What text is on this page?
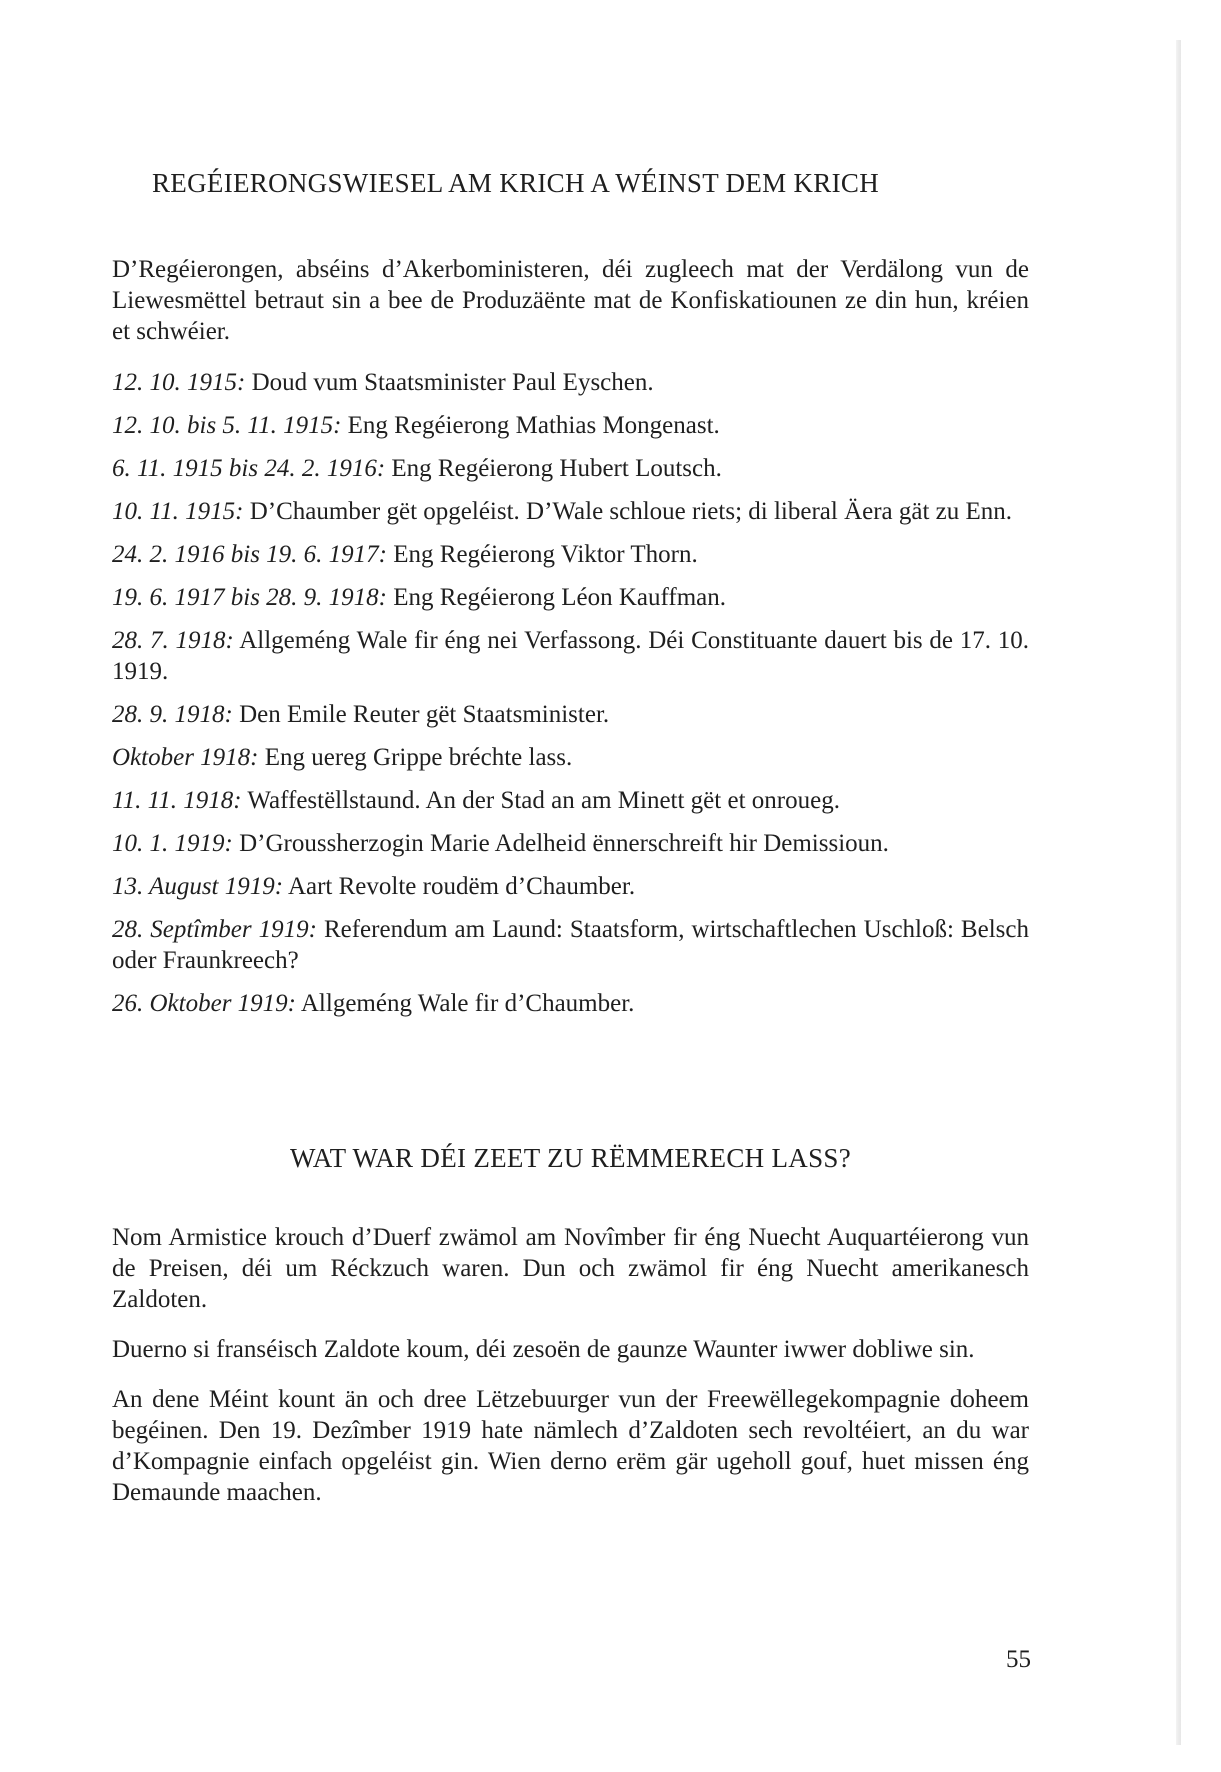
REGÉIERONGSWIESEL AM KRICH A WÉINST DEM KRICH

D’Regéierongen, abséins d’Akerboministeren, déi zugleech mat der Verdälong vun de Liewesmëttel betraut sin a bee de Produzäënte mat de Konfiskatiounen ze din hun, kréien et schwéier.

12. 10. 1915: Doud vum Staatsminister Paul Eyschen.

12. 10. bis 5. 11. 1915: Eng Regéierong Mathias Mongenast.

6. 11. 1915 bis 24. 2. 1916: Eng Regéierong Hubert Loutsch.

10. 11. 1915: D’Chaumber gët opgeléist. D’Wale schloue riets; di liberal Äera gät zu Enn.

24. 2. 1916 bis 19. 6. 1917: Eng Regéierong Viktor Thorn.

19. 6. 1917 bis 28. 9. 1918: Eng Regéierong Léon Kauffman.

28. 7. 1918: Allgeméng Wale fir éng nei Verfassong. Déi Constituante dauert bis de 17. 10. 1919.

28. 9. 1918: Den Emile Reuter gët Staatsminister.

Oktober 1918: Eng uereg Grippe bréchte lass.

11. 11. 1918: Waffestëllstaund. An der Stad an am Minett gët et onroueg.

10. 1. 1919: D’Groussherzogin Marie Adelheid ënnerschreift hir Demissioun.

13. August 1919: Aart Revolte roudëm d’Chaumber.

28. Septîmber 1919: Referendum am Laund: Staatsform, wirtschaftlechen Uschloß: Belsch oder Fraunkreech?

26. Oktober 1919: Allgeméng Wale fir d’Chaumber.

WAT WAR DÉI ZEET ZU RËMMERECH LASS?

Nom Armistice krouch d’Duerf zwämol am Novîmber fir éng Nuecht Auquartéierong vun de Preisen, déi um Réckzuch waren. Dun och zwämol fir éng Nuecht amerikanesch Zaldoten.

Duerno si franséisch Zaldote koum, déi zesoën de gaunze Waunter iwwer dobliwe sin.

An dene Méint kount än och dree Lëtzebuurger vun der Freewëllegekompagnie doheem begéinen. Den 19. Dezîmber 1919 hate nämlech d’Zaldoten sech revoltéiert, an du war d’Kompagnie einfach opgeléist gin. Wien derno erëm gär ugeholl gouf, huet missen éng Demaunde maachen.

55
